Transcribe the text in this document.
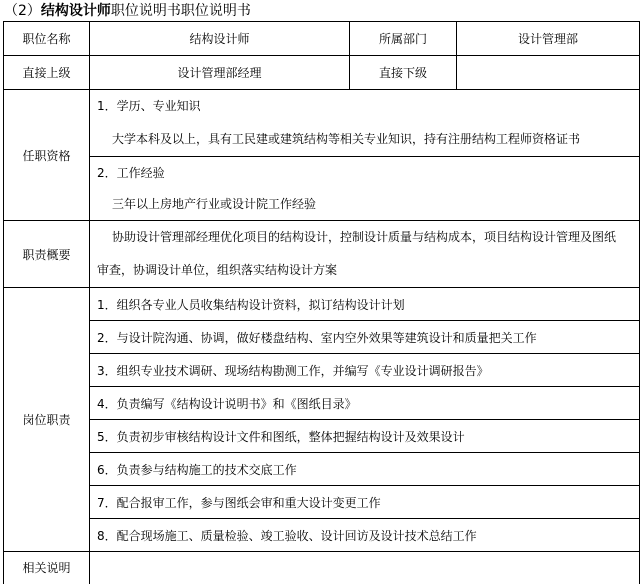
（2）结构设计师职位说明书职位说明书
职位名称	结构设计师	所属部门	设计管理部
直接上级	设计管理部经理	直接下级	
任职资格	1．学历、专业知识
大学本科及以上，具有工民建或建筑结构等相关专业知识，持有注册结构工程师资格证书		

	2．工作经验
三年以上房地产行业或设计院工作经验		

职责概要	协助设计管理部经理优化项目的结构设计，控制设计质量与结构成本，项目结构设计管理及图纸
审查，协调设计单位，组织落实结构设计方案		

岗位职责	1．组织各专业人员收集结构设计资料，拟订结构设计计划		
	2．与设计院沟通、协调，做好楼盘结构、室内空外效果等建筑设计和质量把关工作		
	3．组织专业技术调研、现场结构勘测工作，并编写《专业设计调研报告》		
	4．负责编写《结构设计说明书》和《图纸目录》		
	5．负责初步审核结构设计文件和图纸，整体把握结构设计及效果设计		
	6．负责参与结构施工的技术交底工作		
	7．配合报审工作，参与图纸会审和重大设计变更工作		
	8．配合现场施工、质量检验、竣工验收、设计回访及设计技术总结工作		
相关说明			
